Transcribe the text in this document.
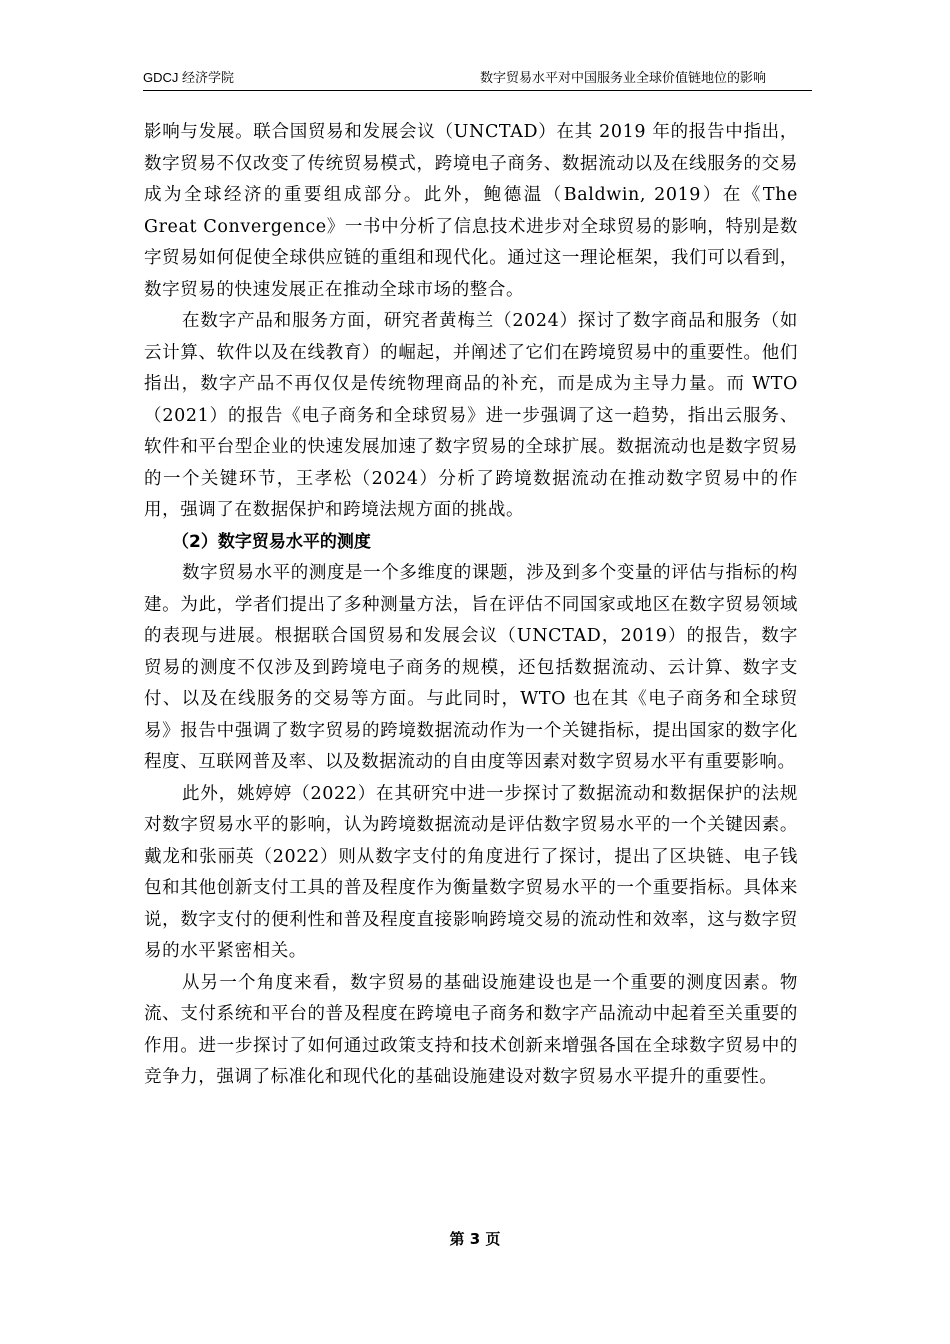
GDCJ 经济学院	数字贸易水平对中国服务业全球价值链地位的影响

影响与发展。联合国贸易和发展会议（UNCTAD）在其 2019 年的报告中指出，数字贸易不仅改变了传统贸易模式，跨境电子商务、数据流动以及在线服务的交易成为全球经济的重要组成部分。此外，鲍德温（Baldwin, 2019）在《The Great Convergence》一书中分析了信息技术进步对全球贸易的影响，特别是数字贸易如何促使全球供应链的重组和现代化。通过这一理论框架，我们可以看到，数字贸易的快速发展正在推动全球市场的整合。

在数字产品和服务方面，研究者黄梅兰（2024）探讨了数字商品和服务（如云计算、软件以及在线教育）的崛起，并阐述了它们在跨境贸易中的重要性。他们指出，数字产品不再仅仅是传统物理商品的补充，而是成为主导力量。而 WTO（2021）的报告《电子商务和全球贸易》进一步强调了这一趋势，指出云服务、软件和平台型企业的快速发展加速了数字贸易的全球扩展。数据流动也是数字贸易的一个关键环节，王孝松（2024）分析了跨境数据流动在推动数字贸易中的作用，强调了在数据保护和跨境法规方面的挑战。

（2）数字贸易水平的测度

数字贸易水平的测度是一个多维度的课题，涉及到多个变量的评估与指标的构建。为此，学者们提出了多种测量方法，旨在评估不同国家或地区在数字贸易领域的表现与进展。根据联合国贸易和发展会议（UNCTAD，2019）的报告，数字贸易的测度不仅涉及到跨境电子商务的规模，还包括数据流动、云计算、数字支付、以及在线服务的交易等方面。与此同时，WTO 也在其《电子商务和全球贸易》报告中强调了数字贸易的跨境数据流动作为一个关键指标，提出国家的数字化程度、互联网普及率、以及数据流动的自由度等因素对数字贸易水平有重要影响。

此外，姚婷婷（2022）在其研究中进一步探讨了数据流动和数据保护的法规对数字贸易水平的影响，认为跨境数据流动是评估数字贸易水平的一个关键因素。戴龙和张丽英（2022）则从数字支付的角度进行了探讨，提出了区块链、电子钱包和其他创新支付工具的普及程度作为衡量数字贸易水平的一个重要指标。具体来说，数字支付的便利性和普及程度直接影响跨境交易的流动性和效率，这与数字贸易的水平紧密相关。

从另一个角度来看，数字贸易的基础设施建设也是一个重要的测度因素。物流、支付系统和平台的普及程度在跨境电子商务和数字产品流动中起着至关重要的作用。进一步探讨了如何通过政策支持和技术创新来增强各国在全球数字贸易中的竞争力，强调了标准化和现代化的基础设施建设对数字贸易水平提升的重要性。

第 3 页
